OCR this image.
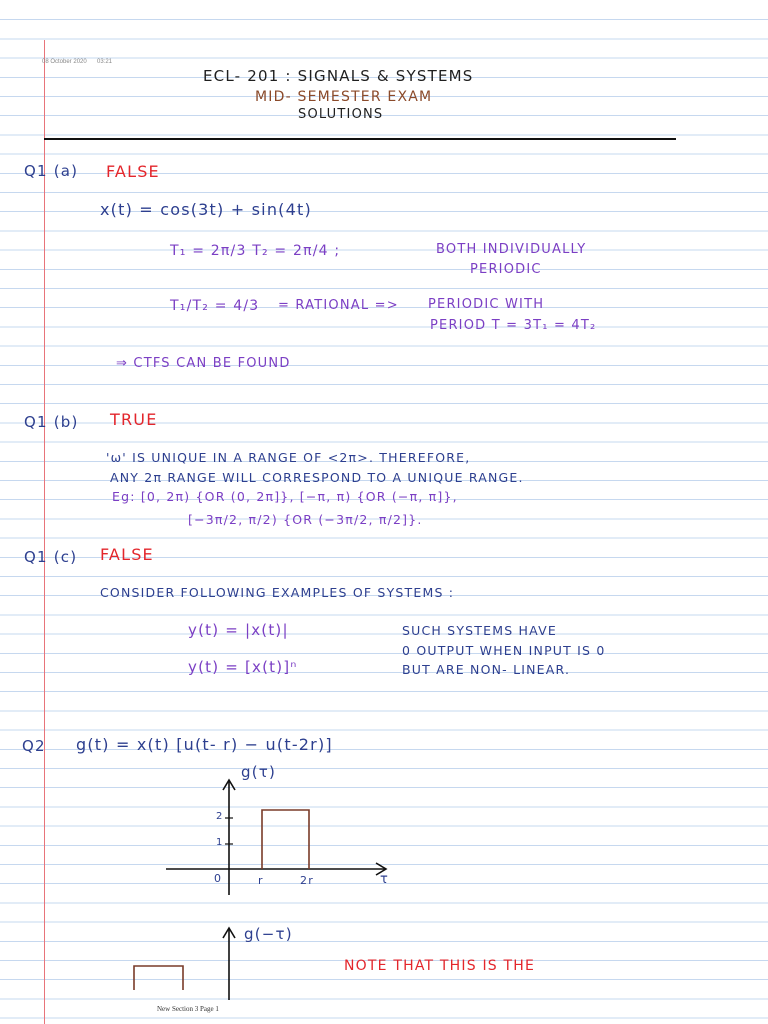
08 October 2020 03:21
ECL- 201 : SIGNALS & SYSTEMS
MID- SEMESTER EXAM
SOLUTIONS
Q1 (a) FALSE
x(t) = cos(3t) + sin(4t)
T₁ = 2π/3 T₂ = 2π/4 ;	BOTH INDIVIDUALLY
PERIODIC
T₁/T₂ = 4/3 = RATIONAL => PERIODIC WITH
PERIOD T = 3T₁ = 4T₂
⇒ CTFS CAN BE FOUND
Q1 (b) TRUE
'ω' IS UNIQUE IN A RANGE OF <2π>. THEREFORE,
ANY 2π RANGE WILL CORRESPOND TO A UNIQUE RANGE.
Eg: [0, 2π) {OR (0, 2π]}, [−π, π) {OR (−π, π]},
[−3π/2, π/2) {OR (−3π/2, π/2]}.
Q1 (c) FALSE
CONSIDER FOLLOWING EXAMPLES OF SYSTEMS :
y(t) = |x(t)|
y(t) = [x(t)]ⁿ
SUCH SYSTEMS HAVE
0 OUTPUT WHEN INPUT IS 0
BUT ARE NON- LINEAR.
Q2 g(t) = x(t) [u(t- r) − u(t-2r)]
g(τ)
2
1
0	r	2r	τ
g(−τ)
NOTE THAT THIS IS THE
New Section 3 Page 1
